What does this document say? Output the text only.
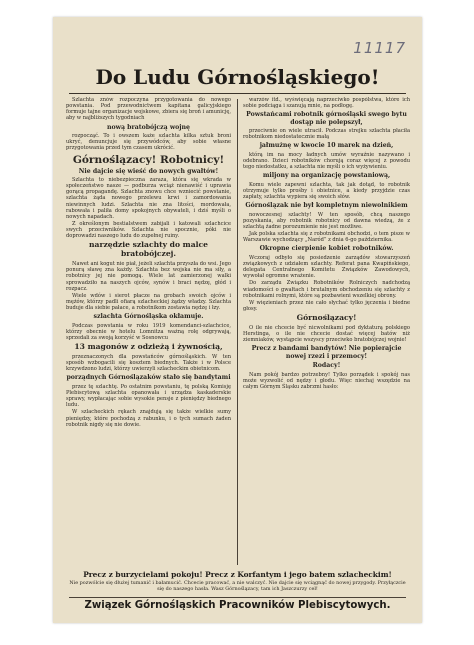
11117
Do Ludu Górnośląskiego!

Szlachta znów rozpoczyna przygotowania do nowego powstania. Pod przewodnictwem kapitana galicyjskiego formuje tajne organizacje wojskowe, zbiera się broń i amunicję, aby w najbliższych tygodniach

nową bratobójczą wojnę

rozpocząć. To i owszem każe szlachta kilka sztuk broni ukryć, denuncjuje się przywódców, aby sobie własne przygotowania przed tym czasem ukrócić.

Górnoślązacy! Robotnicy!
Nie dajcie się wieść do nowych gwałtów!

Szlachta to niebezpieczna zaraza, która się wkrada w społeczeństwo nasze — podburza wciąż nienawiść i uprawia gorącą propagandę. Szlachta znowu chce wzniecić powstanie, szlachta żąda nowego przelewu krwi i zamordowania niewinnych ludzi. Szlachta nie zna litości, mordowała, rabowała i paliła domy spokojnych obywateli, i dziś myśli o nowych napadach.

Z określonym bestialstwem zabijali i katowali szlachcice swych przeciwników. Szlachta nie spocznie, póki nie doprowadzi naszego ludu do zupełnej ruiny.

narzędzie szlachty do malce bratobójczej.

Nawet ani kogut nie piał, jeżeli szlachta przyszła do wsi. Jego ponurą sławę zna każdy. Szlachta bez wojska nie ma siły, a robotnicy jej nie pomogą. Wiele lat zamierzonej walki sprowadziło na naszych ojców, synów i braci nędzę, głód i rozpacz.

Wiele wdów i sierot płacze na grobach swoich ojców i mężów, którzy padli ofiarą szlacheckiej żądzy władzy. Szlachta buduje dla siebie pałace, a robotnikom zostawia nędzę i łzy.

szlachta Górnośląska okłamuje.

Podczas powstania w roku 1919 komendanci-szlachcice, którzy obecnie w hotelu Lomnitza ważną rolę odgrywają, sprzedali za swoją korzyść w Sosnowcu

13 magonów z odzieżą i żywnością,

przeznaczonych dla powstańców górnośląskich. W ten sposób wzbogacili się kosztem biednych. Także i w Polsce krzywdzono ludzi, którzy uwierzyli szlacheckim obietnicom.

porządnych Górnoślązaków stało się bandytami

przez tę szlachtę. Po ostatnim powstaniu, tę polską Komisję Plebiscytową szlachta opanowała i urządza kaskaderskie sprawy, wypłacając sobie wysokie pensje z pieniędzy biednego ludu.

W szlacheckich rękach znajdują się także wielkie sumy pieniędzy, które pochodzą z rabunku, i o tych sumach żaden robotnik nigdy się nie dowie.

warzów itd., wyświęcają naprzeciwko pospólstwa, które ich sobie podciąga i szanują mnie, na podłogę.

Powstańcami robotnik górnośląski swego bytu dostąp nie polepszył,

przeciwnie on wiele utracił. Podczas strejku szlachta płaciła robotnikom niedostatecznie małą

jałmużnę w kwocie 10 marek na dzień,

którą im na mocy ładnych umów wyraźnie nazywano i odebrano. Dzieci robotników chorują coraz więcej z powodu tego niedostatku, a szlachta nie myśli o ich wyżywieniu.

miljony na organizację powstaniową,

Komu wiele zapewni szlachta, tak jak dotąd, to robotnik otrzymuje tylko prośby i obietnice, a kiedy przyjdzie czas zapłaty, szlachta wypiera się swoich słów.

Górnoślązak nie był kompletnym niewolnikiem

nowoczesnej szlachty! W ten sposób, chcą naszego pozyskania, aby robotnik robotnicy od dawna wiedzą, że z szlachtą żadne porozumienie nie jest możliwe.

Jak polska szlachta się z robotnikami obchodzi, o tem pisze w Warszawie wychodzący „Naród” z dnia 6-go października.

Okropne cierpienie kobiet robotników.

Wczoraj odbyło się posiedzenie zarządów stowarzyszeń związkowych z udziałem szlachty. Referat pana Kwapińskiego, delegata Centralnego Komitetu Związków Zawodowych, wywołał ogromne wrażenie.

Do zarządu Związku Robotników Rolniczych nadchodzą wiadomości o gwałtach i brutalnym obchodzeniu się szlachty z robotnikami rolnymi, które są pozbawieni wszelkiej obrony.

W więzieniach przez nie cało słychać tylko jęczenia i biedne głosy.

Górnoślązacy!

O ile nie chcecie być nicwolnikami pod dyktaturą polskiego Herstinga, o ile nie chcecie dostać więcej batów niż ziemniaków, wystąpcie wszyscy przeciwko bratobójczej wojnie!

Precz z bandami bandytów! Nie popierajcie nowej rzezi i przemocy!
Rodacy!

Nam pokój bardzo potrzebny! Tylko porządek i spokój nas może wyzwolić od nędzy i głodu. Więc niechaj wszędzie na całym Górnym Śląsku zabrzmi hasło:

Precz z burzycielami pokoju! Precz z Korfantym i jego batem szlacheckim!
Nie pozwólcie się dłużej tumanić i bałamucić. Chcecie pracować, a nie walczyć. Nie dajcie się wciągnąć do nowej przygody. Przyłączcie się do naszego hasła. Wasz Górnoślązacy, tam ich Jaszczurzy cel!
Związek Górnośląskich Pracowników Plebiscytowych.
